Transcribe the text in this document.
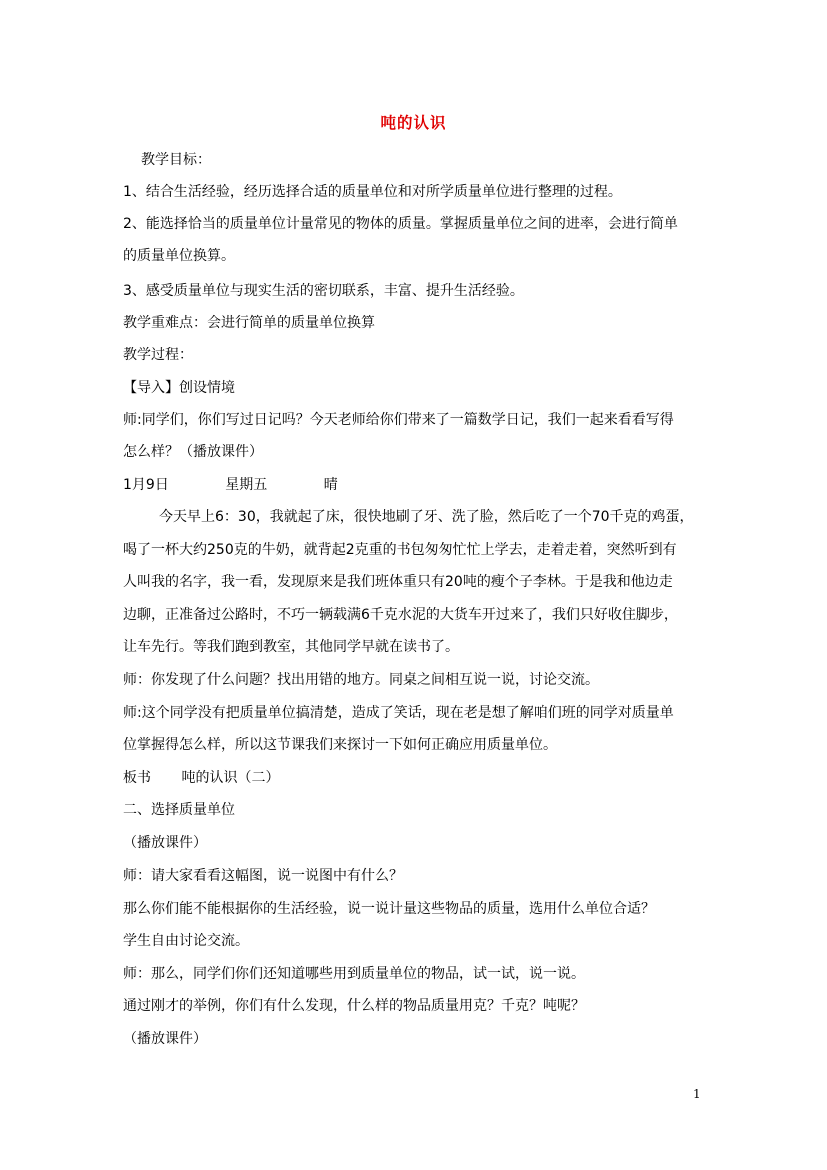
吨的认识
教学目标：
1、结合生活经验，经历选择合适的质量单位和对所学质量单位进行整理的过程。
2、能选择恰当的质量单位计量常见的物体的质量。掌握质量单位之间的进率，会进行简单
的质量单位换算。
3、感受质量单位与现实生活的密切联系，丰富、提升生活经验。
教学重难点：会进行简单的质量单位换算
教学过程：
【导入】创设情境
师:同学们，你们写过日记吗？今天老师给你们带来了一篇数学日记，我们一起来看看写得
怎么样？（播放课件）
1月9日	星期五	晴
今天早上6：30，我就起了床，很快地刷了牙、洗了脸，然后吃了一个70千克的鸡蛋，
喝了一杯大约250克的牛奶，就背起2克重的书包匆匆忙忙上学去，走着走着，突然听到有
人叫我的名字，我一看，发现原来是我们班体重只有20吨的瘦个子李林。于是我和他边走
边聊，正准备过公路时，不巧一辆载满6千克水泥的大货车开过来了，我们只好收住脚步，
让车先行。等我们跑到教室，其他同学早就在读书了。
师：你发现了什么问题？找出用错的地方。同桌之间相互说一说，讨论交流。
师:这个同学没有把质量单位搞清楚，造成了笑话，现在老是想了解咱们班的同学对质量单
位掌握得怎么样，所以这节课我们来探讨一下如何正确应用质量单位。
板书 吨的认识（二）
二、选择质量单位
（播放课件）
师：请大家看看这幅图，说一说图中有什么？
那么你们能不能根据你的生活经验，说一说计量这些物品的质量，选用什么单位合适？
学生自由讨论交流。
师：那么，同学们你们还知道哪些用到质量单位的物品，试一试，说一说。
通过刚才的举例，你们有什么发现，什么样的物品质量用克？千克？吨呢？
（播放课件）
1
